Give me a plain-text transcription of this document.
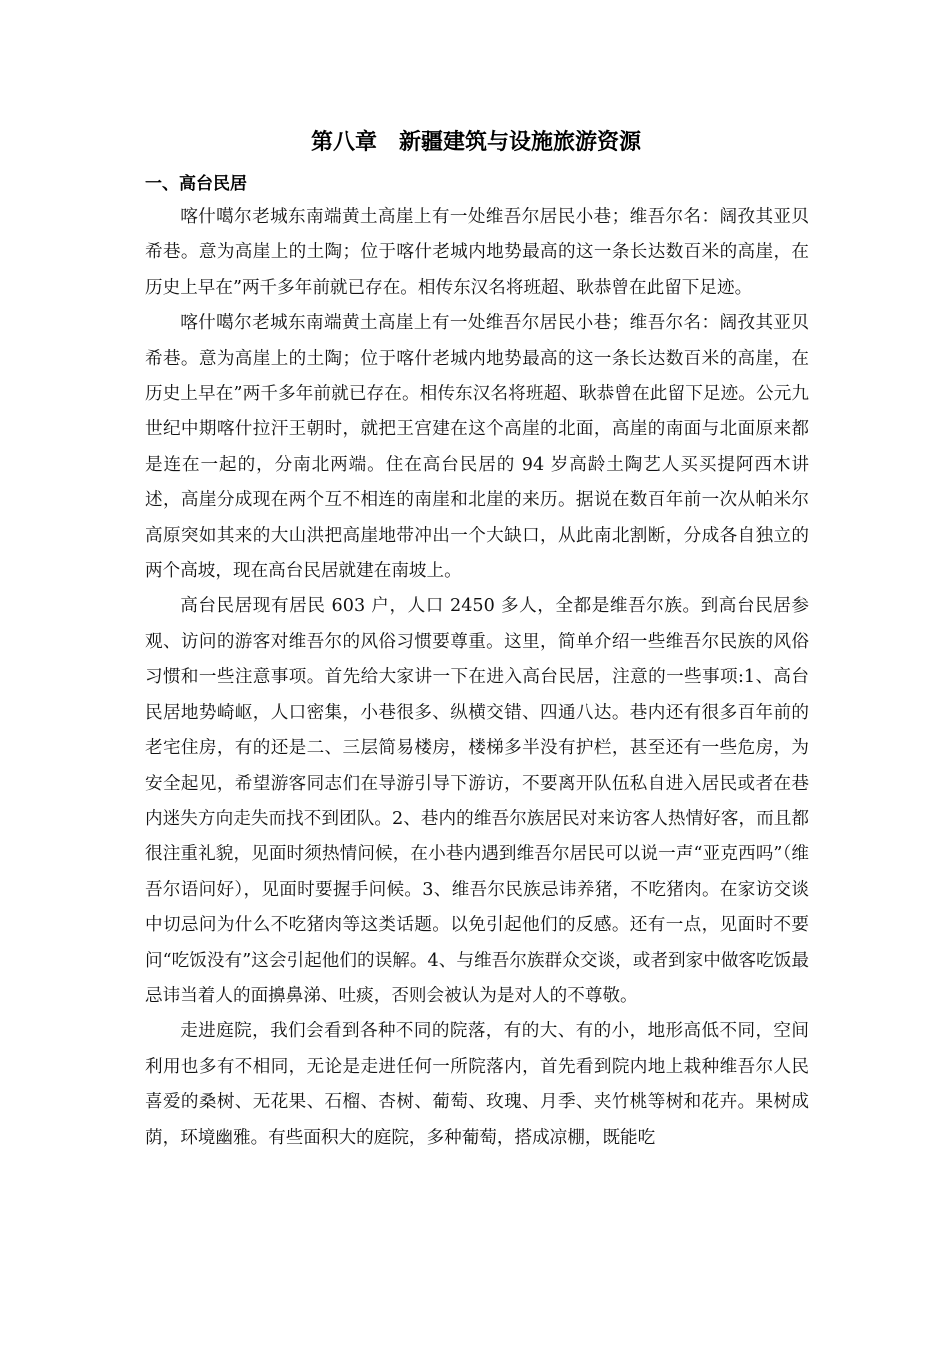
第八章　新疆建筑与设施旅游资源
一、高台民居

喀什噶尔老城东南端黄土高崖上有一处维吾尔居民小巷；维吾尔名：阔孜其亚贝希巷。意为高崖上的土陶；位于喀什老城内地势最高的这一条长达数百米的高崖，在历史上早在”两千多年前就已存在。相传东汉名将班超、耿恭曾在此留下足迹。

喀什噶尔老城东南端黄土高崖上有一处维吾尔居民小巷；维吾尔名：阔孜其亚贝希巷。意为高崖上的土陶；位于喀什老城内地势最高的这一条长达数百米的高崖，在历史上早在”两千多年前就已存在。相传东汉名将班超、耿恭曾在此留下足迹。公元九世纪中期喀什拉汗王朝时，就把王宫建在这个高崖的北面，高崖的南面与北面原来都是连在一起的，分南北两端。住在高台民居的 94 岁高龄土陶艺人买买提阿西木讲述，高崖分成现在两个互不相连的南崖和北崖的来历。据说在数百年前一次从帕米尔高原突如其来的大山洪把高崖地带冲出一个大缺口，从此南北割断，分成各自独立的两个高坡，现在高台民居就建在南坡上。

高台民居现有居民 603 户，人口 2450 多人，全都是维吾尔族。到高台民居参观、访问的游客对维吾尔的风俗习惯要尊重。这里，简单介绍一些维吾尔民族的风俗习惯和一些注意事项。首先给大家讲一下在进入高台民居，注意的一些事项:1、高台民居地势崎岖，人口密集，小巷很多、纵横交错、四通八达。巷内还有很多百年前的老宅住房，有的还是二、三层简易楼房，楼梯多半没有护栏，甚至还有一些危房，为安全起见，希望游客同志们在导游引导下游访，不要离开队伍私自进入居民或者在巷内迷失方向走失而找不到团队。2、巷内的维吾尔族居民对来访客人热情好客，而且都很注重礼貌，见面时须热情问候，在小巷内遇到维吾尔居民可以说一声“亚克西吗”（维吾尔语问好），见面时要握手问候。3、维吾尔民族忌讳养猪，不吃猪肉。在家访交谈中切忌问为什么不吃猪肉等这类话题。以免引起他们的反感。还有一点，见面时不要问“吃饭没有”这会引起他们的误解。4、与维吾尔族群众交谈，或者到家中做客吃饭最忌讳当着人的面擤鼻涕、吐痰，否则会被认为是对人的不尊敬。

走进庭院，我们会看到各种不同的院落，有的大、有的小，地形高低不同，空间利用也多有不相同，无论是走进任何一所院落内，首先看到院内地上栽种维吾尔人民喜爱的桑树、无花果、石榴、杏树、葡萄、玫瑰、月季、夹竹桃等树和花卉。果树成荫，环境幽雅。有些面积大的庭院，多种葡萄，搭成凉棚，既能吃
